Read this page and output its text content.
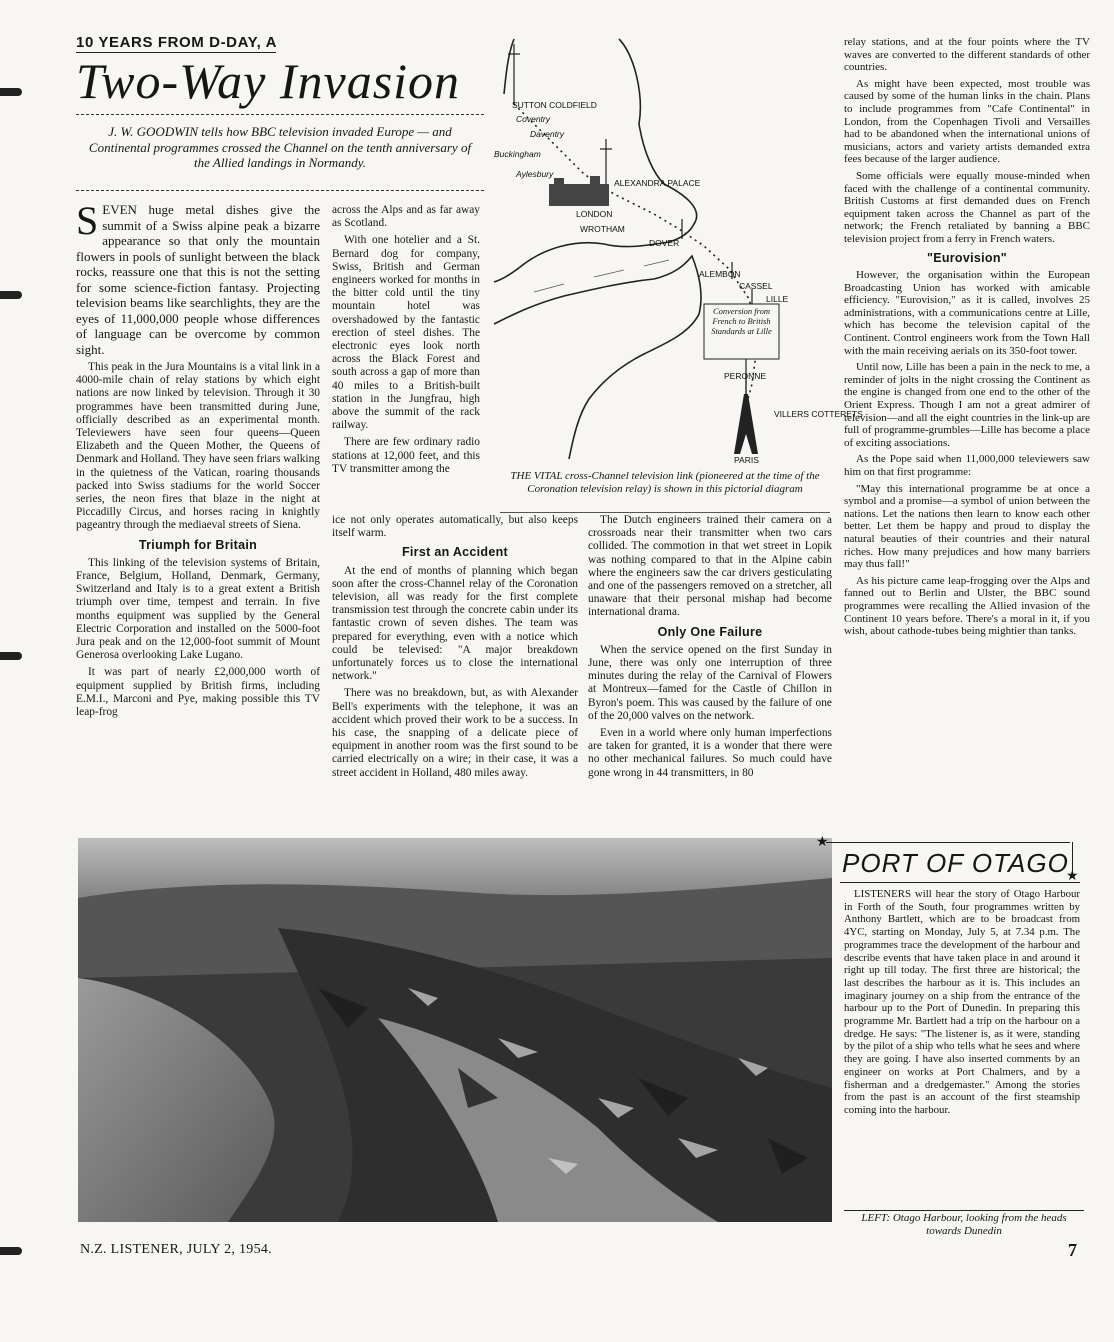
10 YEARS FROM D-DAY, A
Two-Way Invasion
J. W. GOODWIN tells how BBC television invaded Europe — and Continental programmes crossed the Channel on the tenth anniversary of the Allied landings in Normandy.

SEVEN huge metal dishes give the summit of a Swiss alpine peak a bizarre appearance so that only the mountain flowers in pools of sunlight between the black rocks, reassure one that this is not the setting for some science-fiction fantasy. Projecting television beams like searchlights, they are the eyes of 11,000,000 people whose differences of language can be overcome by common sight.

This peak in the Jura Mountains is a vital link in a 4000-mile chain of relay stations by which eight nations are now linked by television. Through it 30 programmes have been transmitted during June, officially described as an experimental month. Televiewers have seen four queens—Queen Elizabeth and the Queen Mother, the Queens of Denmark and Holland. They have seen friars walking in the quietness of the Vatican, roaring thousands packed into Swiss stadiums for the world Soccer series, the neon fires that blaze in the night at Piccadilly Circus, and horses racing in knightly pageantry through the mediaeval streets of Siena.

Triumph for Britain

This linking of the television systems of Britain, France, Belgium, Holland, Denmark, Germany, Switzerland and Italy is to a great extent a British triumph over time, tempest and terrain. In five months equipment was supplied by the General Electric Corporation and installed on the 5000-foot Jura peak and on the 12,000-foot summit of Mount Generosa overlooking Lake Lugano.

It was part of nearly £2,000,000 worth of equipment supplied by British firms, including E.M.I., Marconi and Pye, making possible this TV leap-frog

across the Alps and as far away as Scotland.

With one hotelier and a St. Bernard dog for company, Swiss, British and German engineers worked for months in the bitter cold until the tiny mountain hotel was overshadowed by the fantastic erection of steel dishes. The electronic eyes look north across the Black Forest and south across a gap of more than 40 miles to a British-built station in the Jungfrau, high above the summit of the rack railway.

There are few ordinary radio stations at 12,000 feet, and this TV transmitter among the

Conversion from French to British Standards at Lille
SUTTON COLDFIELD
Coventry
Daventry
Buckingham
Aylesbury
ALEXANDRA PALACE
LONDON
WROTHAM
DOVER
ALEMBON
CASSEL
LILLE
PERONNE
VILLERS COTTERETS
PARIS
THE VITAL cross-Channel television link (pioneered at the time of the Coronation television relay) is shown in this pictorial diagram

ice not only operates automatically, but also keeps itself warm.

First an Accident

At the end of months of planning which began soon after the cross-Channel relay of the Coronation television, all was ready for the first complete transmission test through the concrete cabin under its fantastic crown of seven dishes. The team was prepared for everything, even with a notice which could be televised: "A major breakdown unfortunately forces us to close the international network."

There was no breakdown, but, as with Alexander Bell's experiments with the telephone, it was an accident which proved their work to be a success. In his case, the snapping of a delicate piece of equipment in another room was the first sound to be carried electrically on a wire; in their case, it was a street accident in Holland, 480 miles away.

The Dutch engineers trained their camera on a crossroads near their transmitter when two cars collided. The commotion in that wet street in Lopik was nothing compared to that in the Alpine cabin where the engineers saw the car drivers gesticulating and one of the passengers removed on a stretcher, all unaware that their personal mishap had become international drama.

Only One Failure

When the service opened on the first Sunday in June, there was only one interruption of three minutes during the relay of the Carnival of Flowers at Montreux—famed for the Castle of Chillon in Byron's poem. This was caused by the failure of one of the 20,000 valves on the network.

Even in a world where only human imperfections are taken for granted, it is a wonder that there were no other mechanical failures. So much could have gone wrong in 44 transmitters, in 80

relay stations, and at the four points where the TV waves are converted to the different standards of other countries.

As might have been expected, most trouble was caused by some of the human links in the chain. Plans to include programmes from "Cafe Continental" in London, from the Copenhagen Tivoli and Versailles had to be abandoned when the international unions of musicians, actors and variety artists demanded extra fees because of the larger audience.

Some officials were equally mouse-minded when faced with the challenge of a continental community. British Customs at first demanded dues on French equipment taken across the Channel as part of the network; the French retaliated by banning a BBC television project from a ferry in French waters.

"Eurovision"

However, the organisation within the European Broadcasting Union has worked with amicable efficiency. "Eurovision," as it is called, involves 25 administrations, with a communications centre at Lille, which has become the television capital of the Continent. Control engineers work from the Town Hall with the main receiving aerials on its 350-foot tower.

Until now, Lille has been a pain in the neck to me, a reminder of jolts in the night crossing the Continent as the engine is changed from one end to the other of the Orient Express. Though I am not a great admirer of television—and all the eight countries in the link-up are full of programme-grumbles—Lille has become a place of exciting associations.

As the Pope said when 11,000,000 televiewers saw him on that first programme:

"May this international programme be at once a symbol and a promise—a symbol of union between the nations. Let the nations then learn to know each other better. Let them be happy and proud to display the natural beauties of their countries and their natural riches. How many prejudices and how many barriers may thus fall!"

As his picture came leap-frogging over the Alps and fanned out to Berlin and Ulster, the BBC sound programmes were recalling the Allied invasion of the Continent 10 years before. There's a moral in it, if you wish, about cathode-tubes being mightier than tanks.

★
PORT OF OTAGO
★
LISTENERS will hear the story of Otago Harbour in Forth of the South, four programmes written by Anthony Bartlett, which are to be broadcast from 4YC, starting on Monday, July 5, at 7.34 p.m. The programmes trace the development of the harbour and describe events that have taken place in and around it right up till today. The first three are historical; the last describes the harbour as it is. This includes an imaginary journey on a ship from the entrance of the harbour up to the Port of Dunedin. In preparing this programme Mr. Bartlett had a trip on the harbour on a dredge. He says: "The listener is, as it were, standing by the pilot of a ship who tells what he sees and where they are going. I have also inserted comments by an engineer on works at Port Chalmers, and by a fisherman and a dredgemaster." Among the stories from the past is an account of the first steamship coming into the harbour.
LEFT: Otago Harbour, looking from the heads towards Dunedin
N.Z. LISTENER, JULY 2, 1954.	7
